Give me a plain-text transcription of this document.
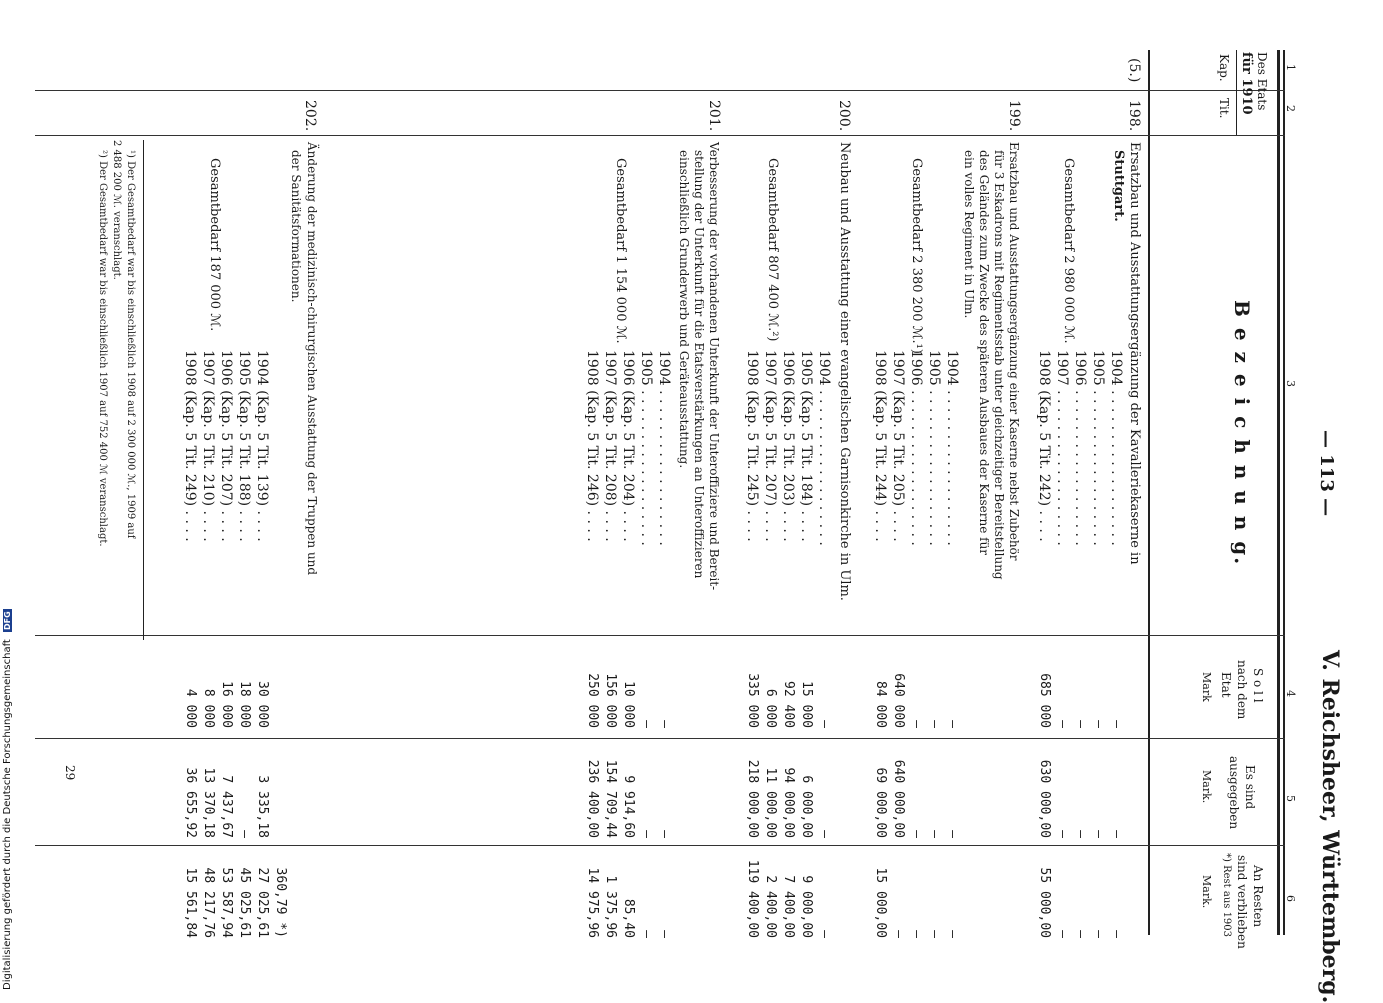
— 113 —
V. Reichsheer, Württemberg.
1
2
3
4
5
6
Des Etats
für 1910
Kap.
Tit.
B e z e i c h n u n g.
S o l l
nach dem
Etat
Mark
Es sind
ausgegeben
Mark.
An Resten
sind verblieben
*) Rest aus 1903
Mark.
(5.)
198.
Ersatzbau und Ausstattungsergänzung der Kavalleriekaserne in
Stuttgart.
Gesamtbedarf 2 980 000 ℳ.
1904 . . . . . . . . . . . . . . . . . .
1905 . . . . . . . . . . . . . . . . . .
1906 . . . . . . . . . . . . . . . . . .
1907 . . . . . . . . . . . . . . . . . .
1908 (Kap. 5 Tit. 242) . . . .
—
—
—
—
685 000
—
—
—
—
630 000,00
—
—
—
—
55 000,00
199.
Ersatzbau und Ausstattungsergänzung einer Kaserne nebst Zubehör
für 3 Eskadrons mit Regimentsstab unter gleichzeitiger Bereitstellung
des Geländes zum Zwecke des späteren Ausbaues der Kaserne für
ein volles Regiment in Ulm.
Gesamtbedarf 2 380 200 ℳ.¹)
1904 . . . . . . . . . . . . . . . . . .
1905 . . . . . . . . . . . . . . . . . .
1906 . . . . . . . . . . . . . . . . . .
1907 (Kap. 5 Tit. 205) . . . .
1908 (Kap. 5 Tit. 244) . . . .
—
—
—
640 000
84 000
—
—
—
640 000,00
69 000,00
—
—
—
—
15 000,00
200.
Neubau und Ausstattung einer evangelischen Garnisonkirche in Ulm.
Gesamtbedarf 807 400 ℳ.²)
1904 . . . . . . . . . . . . . . . . . .
1905 (Kap. 5 Tit. 184) . . . .
1906 (Kap. 5 Tit. 203) . . . .
1907 (Kap. 5 Tit. 207) . . . .
1908 (Kap. 5 Tit. 245) . . . .
—
15 000
92 400
6 000
335 000
—
6 000,00
94 000,00
11 000,00
218 000,00
—
9 000,00
7 400,00
2 400,00
119 400,00
201.
Verbesserung der vorhandenen Unterkunft der Unteroffiziere und Bereit-
stellung der Unterkunft für die Etatsverstärkungen an Unteroffizieren
einschließlich Grunderwerb und Geräteausstattung.
Gesamtbedarf 1 154 000 ℳ.
1904 . . . . . . . . . . . . . . . . . .
1905 . . . . . . . . . . . . . . . . . .
1906 (Kap. 5 Tit. 204) . . . .
1907 (Kap. 5 Tit. 208) . . . .
1908 (Kap. 5 Tit. 246) . . . .
—
—
10 000
156 000
250 000
—
—
9 914,60
154 709,44
236 400,00
—
—
85,40
1 375,96
14 975,96
202.
Änderung der medizinisch-chirurgischen Ausstattung der Truppen und
der Sanitätsformationen.
Gesamtbedarf 187 000 ℳ.
1904 (Kap. 5 Tit. 139) . . . .
1905 (Kap. 5 Tit. 188) . . . .
1906 (Kap. 5 Tit. 207) . . . .
1907 (Kap. 5 Tit. 210) . . . .
1908 (Kap. 5 Tit. 249) . . . .
30 000
18 000
16 000
8 000
4 000
3 335,18
—
7 437,67
13 370,18
36 655,92
360,79 *)
27 025,61
45 025,61
53 587,94
48 217,76
15 561,84
¹) Der Gesamtbedarf war bis einschließlich 1908 auf 2 300 000 ℳ., 1909 auf
2 488 200 ℳ. veranschlagt.
²) Der Gesamtbedarf war bis einschließlich 1907 auf 752 400 ℳ veranschlagt.
29
Digitalisierung gefördert durch die Deutsche Forschungsgemeinschaft DFG
